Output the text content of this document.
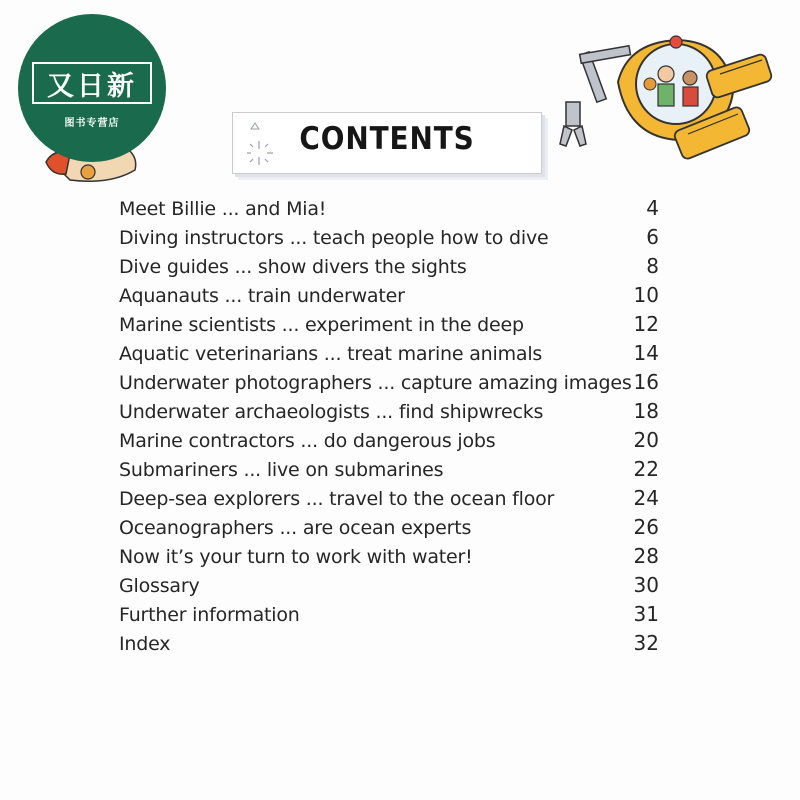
又日新
图书专营店	CONTENTS
Meet Billie ... and Mia!	4
Diving instructors ... teach people how to dive	6
Dive guides ... show divers the sights	8
Aquanauts ... train underwater	10
Marine scientists ... experiment in the deep	12
Aquatic veterinarians ... treat marine animals	14
Underwater photographers ... capture amazing images 16
Underwater archaeologists ... find shipwrecks	18
Marine contractors ... do dangerous jobs	20
Submariners ... live on submarines	22
Deep-sea explorers ... travel to the ocean floor	24
Oceanographers ... are ocean experts	26
Now it’s your turn to work with water!	28
Glossary	30
Further information	31
Index	32
